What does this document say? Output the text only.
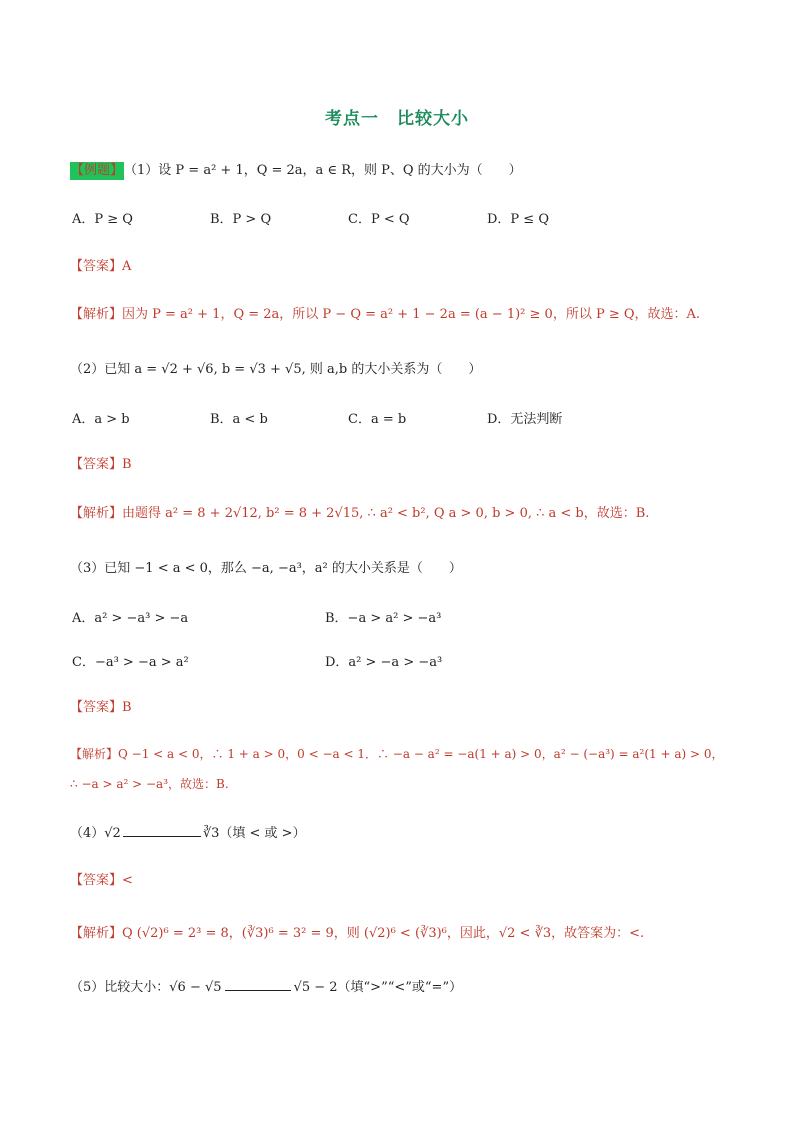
考点一　比较大小
【例题】（1）设 P = a² + 1，Q = 2a，a ∈ R，则 P、Q 的大小为（　　）
A．P ≥ Q	B．P > Q	C．P < Q	D．P ≤ Q
【答案】A
【解析】因为 P = a² + 1，Q = 2a，所以 P − Q = a² + 1 − 2a = (a − 1)² ≥ 0，所以 P ≥ Q，故选：A.
（2）已知 a = √2 + √6, b = √3 + √5, 则 a,b 的大小关系为（　　）
A．a > b	B．a < b	C．a = b	D．无法判断
【答案】B
【解析】由题得 a² = 8 + 2√12, b² = 8 + 2√15, ∴ a² < b², Q a > 0, b > 0, ∴ a < b，故选：B.
（3）已知 −1 < a < 0，那么 −a, −a³，a² 的大小关系是（　　）
A．a² > −a³ > −a	B．−a > a² > −a³
C．−a³ > −a > a²	D．a² > −a > −a³
【答案】B
【解析】Q −1 < a < 0，∴ 1 + a > 0，0 < −a < 1．∴ −a − a² = −a(1 + a) > 0，a² − (−a³) = a²(1 + a) > 0，
∴ −a > a² > −a³，故选：B.
（4）√2	∛3（填 < 或 >）
【答案】<
【解析】Q (√2)⁶ = 2³ = 8，(∛3)⁶ = 3² = 9，则 (√2)⁶ < (∛3)⁶，因此，√2 < ∛3，故答案为：<.
（5）比较大小：√6 − √5	√5 − 2（填“>”“<”或“=”）
